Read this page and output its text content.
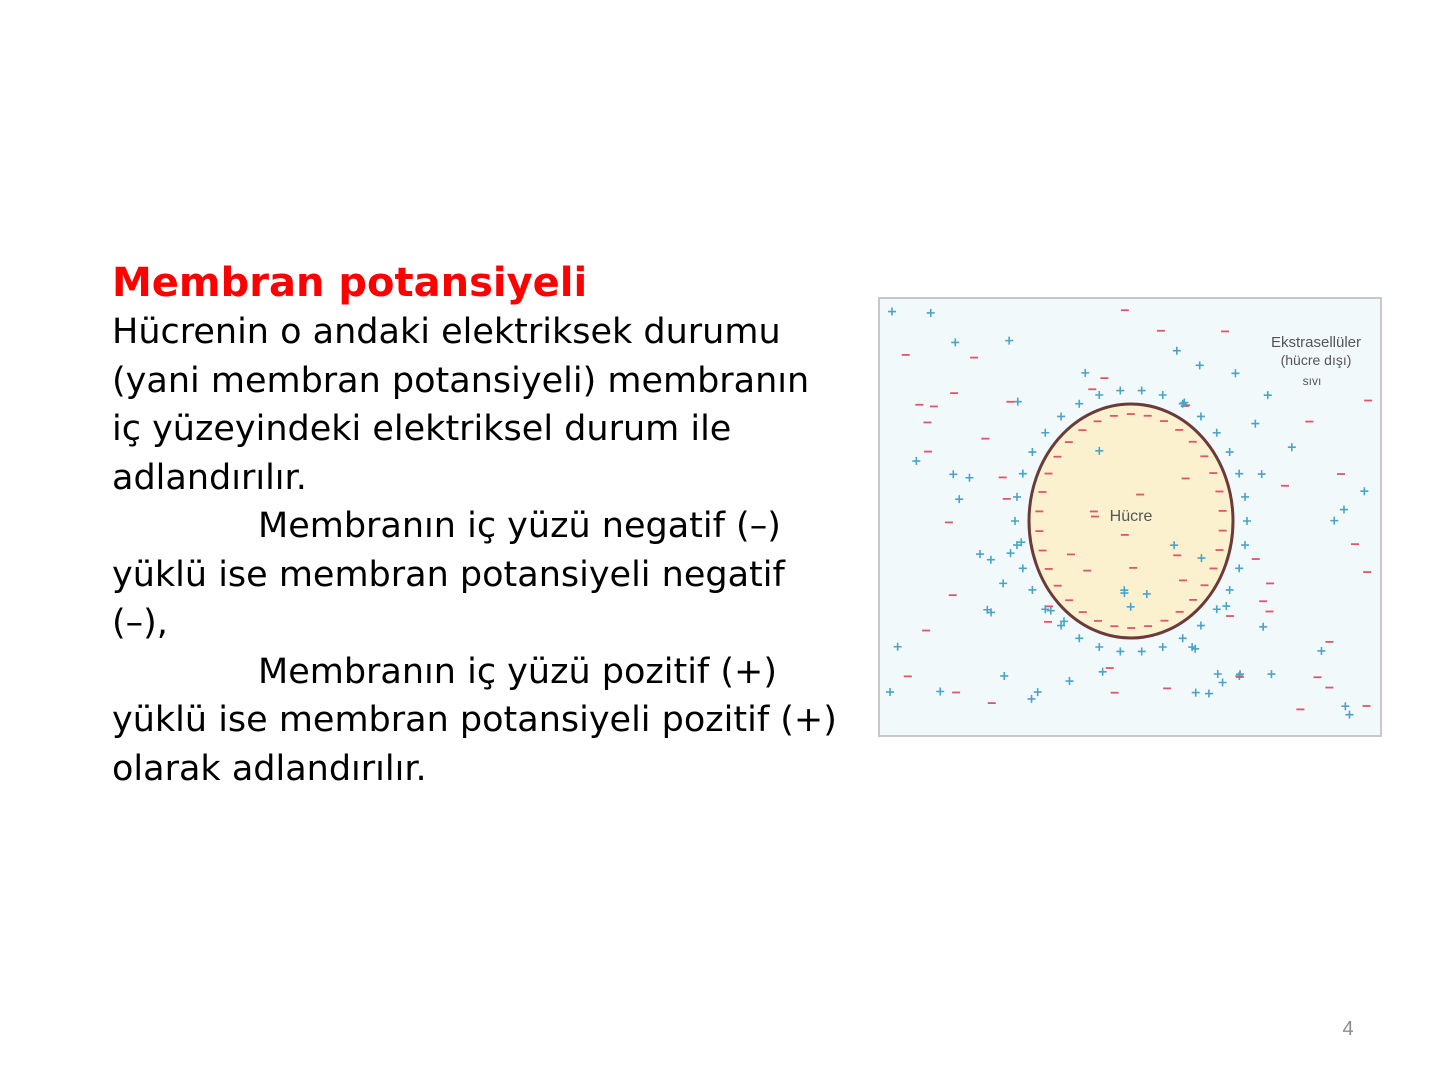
Membran potansiyeli

Hücrenin o andaki elektriksek durumu (yani membran potansiyeli) membranın iç yüzeyindeki elektriksel durum ile adlandırılır.

Membranın iç yüzü negatif (–) yüklü ise membran potansiyeli negatif (–),

Membranın iç yüzü pozitif (+) yüklü ise membran potansiyeli pozitif (+) olarak adlandırılır.

Hücre
Ekstrasellüler
(hücre dışı)
sıvı
4
